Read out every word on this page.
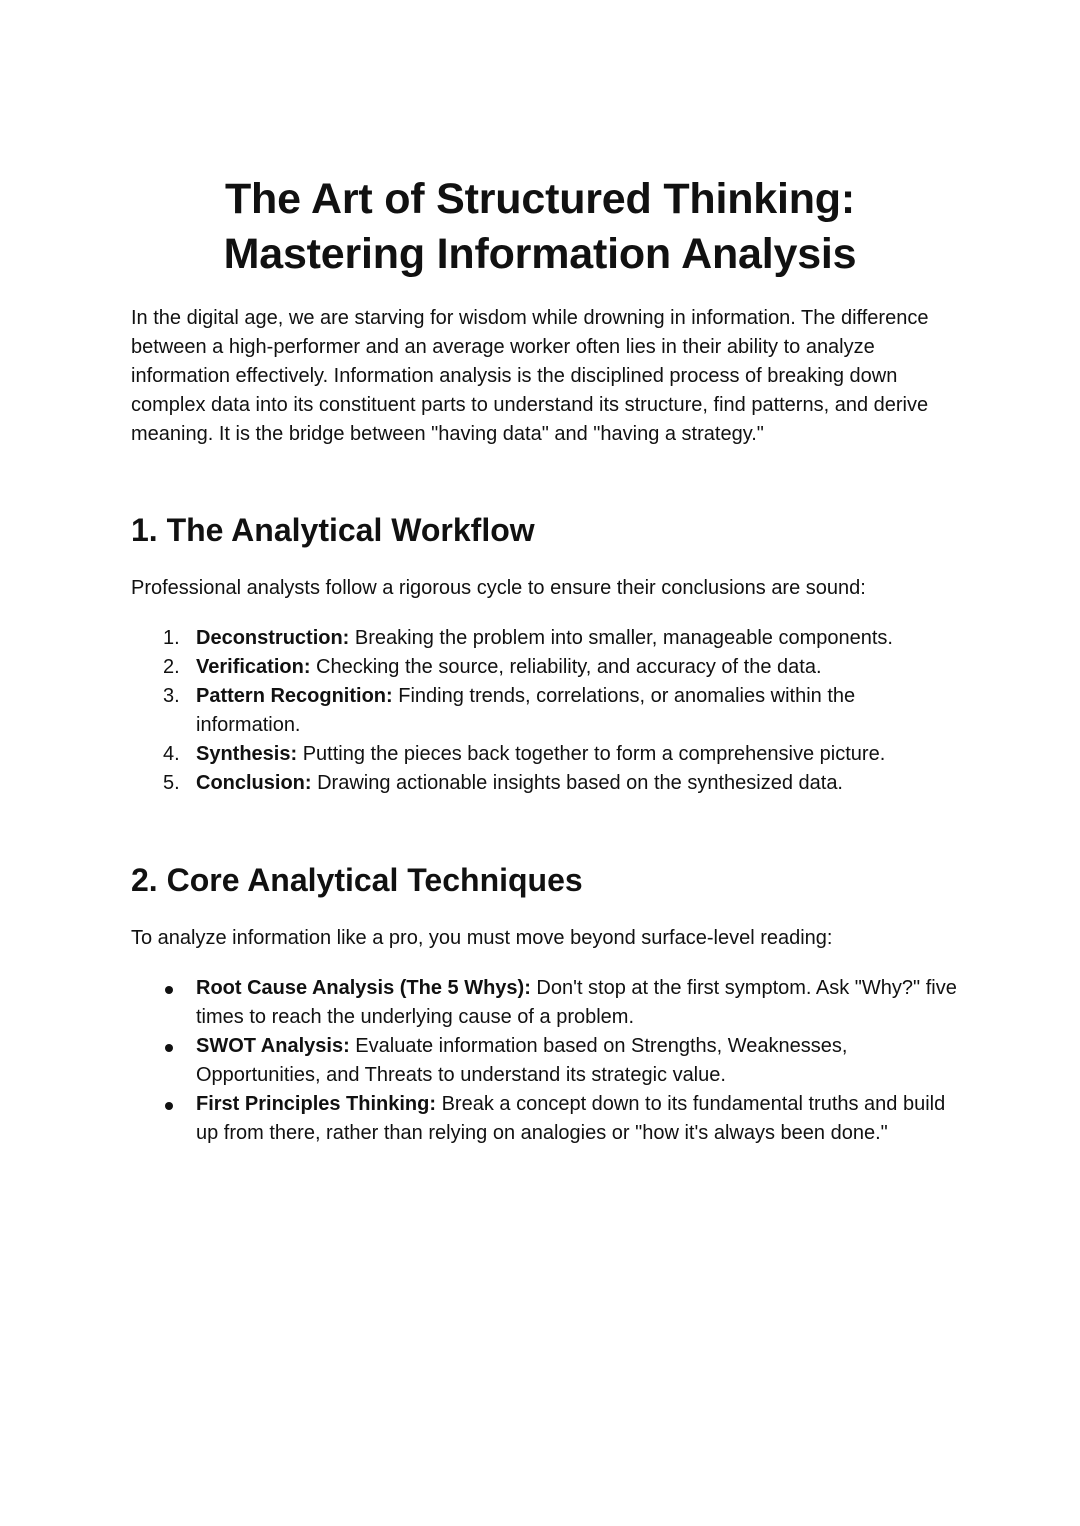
The Art of Structured Thinking:
Mastering Information Analysis

In the digital age, we are starving for wisdom while drowning in information. The difference between a high-performer and an average worker often lies in their ability to analyze information effectively. Information analysis is the disciplined process of breaking down complex data into its constituent parts to understand its structure, find patterns, and derive meaning. It is the bridge between "having data" and "having a strategy."

1. The Analytical Workflow

Professional analysts follow a rigorous cycle to ensure their conclusions are sound:

1. Deconstruction: Breaking the problem into smaller, manageable components.
2. Verification: Checking the source, reliability, and accuracy of the data.
3. Pattern Recognition: Finding trends, correlations, or anomalies within the information.
4. Synthesis: Putting the pieces back together to form a comprehensive picture.
5. Conclusion: Drawing actionable insights based on the synthesized data.
2. Core Analytical Techniques

To analyze information like a pro, you must move beyond surface-level reading:

Root Cause Analysis (The 5 Whys): Don't stop at the first symptom. Ask "Why?" five times to reach the underlying cause of a problem.
SWOT Analysis: Evaluate information based on Strengths, Weaknesses, Opportunities, and Threats to understand its strategic value.
First Principles Thinking: Break a concept down to its fundamental truths and build up from there, rather than relying on analogies or "how it's always been done."
